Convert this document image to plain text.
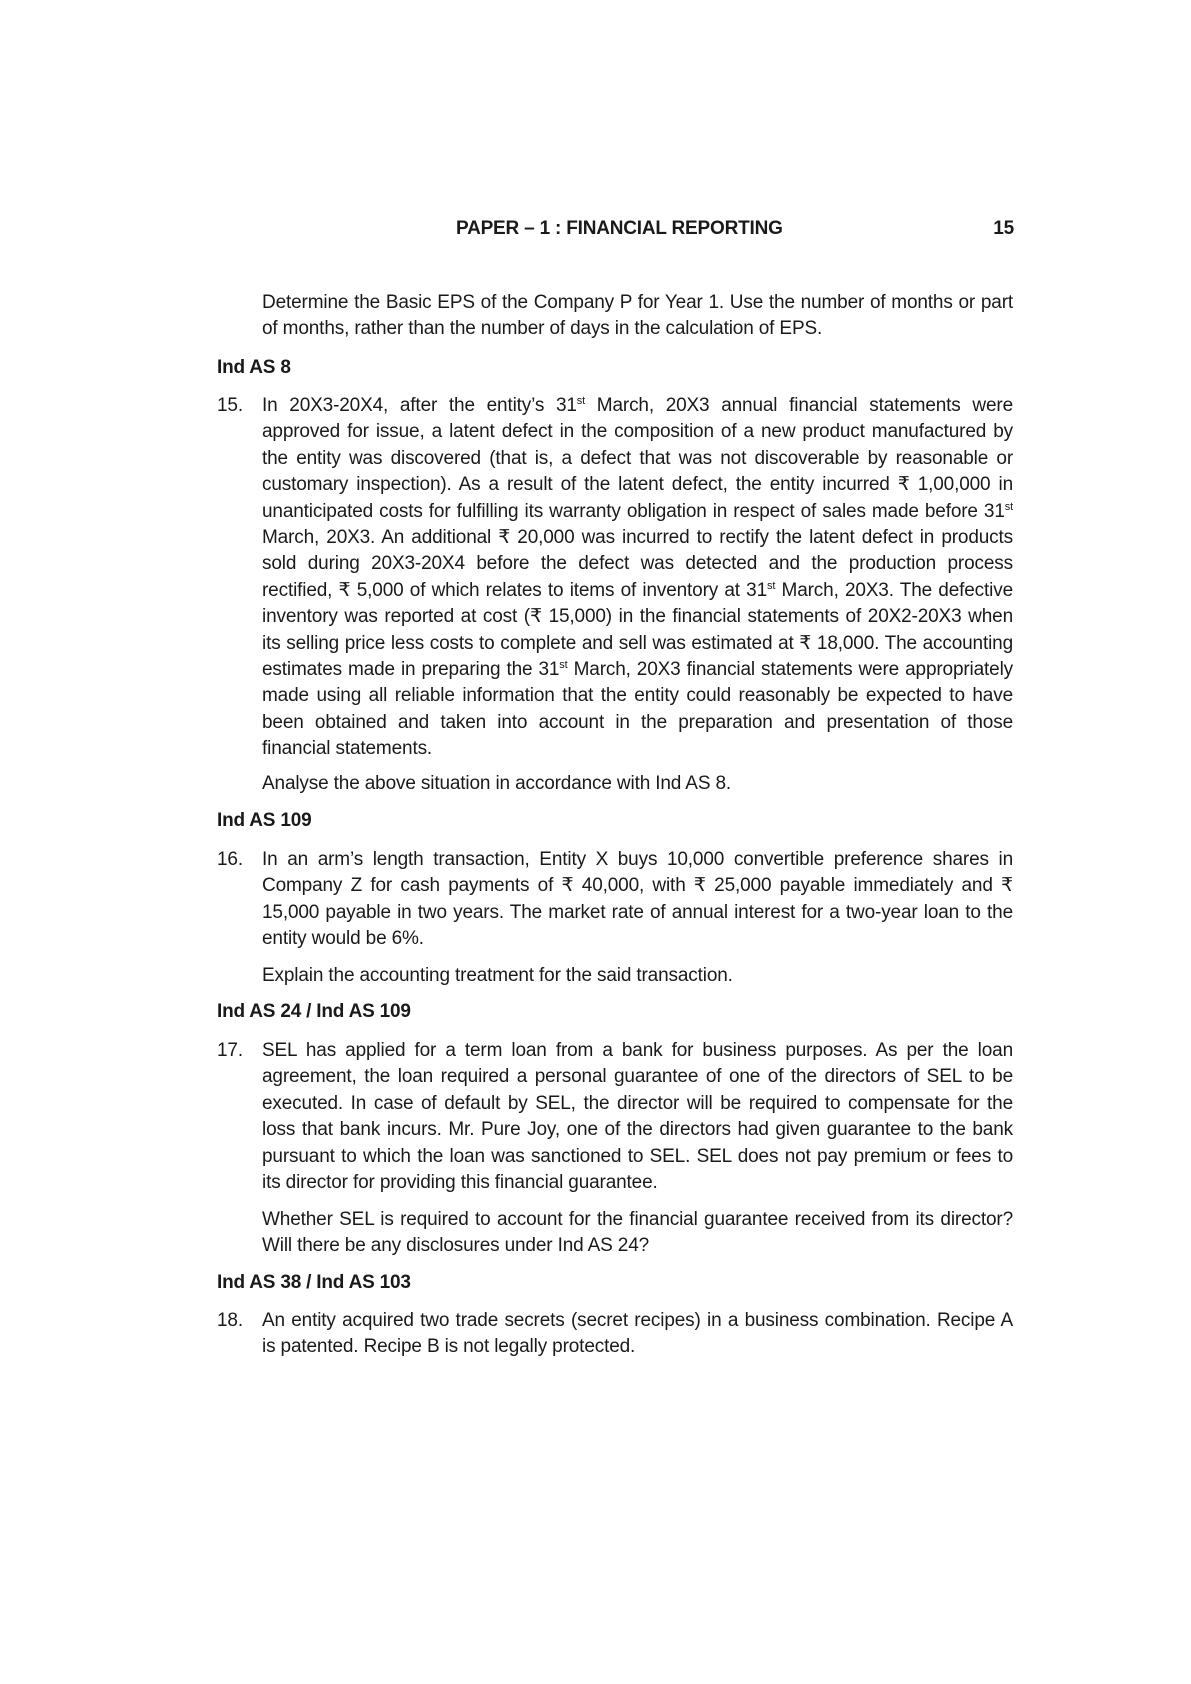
PAPER – 1 : FINANCIAL REPORTING	15
Determine the Basic EPS of the Company P for Year 1. Use the number of months or part of months, rather than the number of days in the calculation of EPS.
Ind AS 8
15. In 20X3-20X4, after the entity’s 31st March, 20X3 annual financial statements were approved for issue, a latent defect in the composition of a new product manufactured by the entity was discovered (that is, a defect that was not discoverable by reasonable or customary inspection). As a result of the latent defect, the entity incurred ₹ 1,00,000 in unanticipated costs for fulfilling its warranty obligation in respect of sales made before 31st March, 20X3. An additional ₹ 20,000 was incurred to rectify the latent defect in products sold during 20X3-20X4 before the defect was detected and the production process rectified, ₹ 5,000 of which relates to items of inventory at 31st March, 20X3. The defective inventory was reported at cost (₹ 15,000) in the financial statements of 20X2-20X3 when its selling price less costs to complete and sell was estimated at ₹ 18,000. The accounting estimates made in preparing the 31st March, 20X3 financial statements were appropriately made using all reliable information that the entity could reasonably be expected to have been obtained and taken into account in the preparation and presentation of those financial statements.
Analyse the above situation in accordance with Ind AS 8.
Ind AS 109
16. In an arm’s length transaction, Entity X buys 10,000 convertible preference shares in Company Z for cash payments of ₹ 40,000, with ₹ 25,000 payable immediately and ₹ 15,000 payable in two years. The market rate of annual interest for a two-year loan to the entity would be 6%.
Explain the accounting treatment for the said transaction.
Ind AS 24 / Ind AS 109
17. SEL has applied for a term loan from a bank for business purposes. As per the loan agreement, the loan required a personal guarantee of one of the directors of SEL to be executed. In case of default by SEL, the director will be required to compensate for the loss that bank incurs. Mr. Pure Joy, one of the directors had given guarantee to the bank pursuant to which the loan was sanctioned to SEL. SEL does not pay premium or fees to its director for providing this financial guarantee.
Whether SEL is required to account for the financial guarantee received from its director? Will there be any disclosures under Ind AS 24?
Ind AS 38 / Ind AS 103
18. An entity acquired two trade secrets (secret recipes) in a business combination. Recipe A is patented. Recipe B is not legally protected.
